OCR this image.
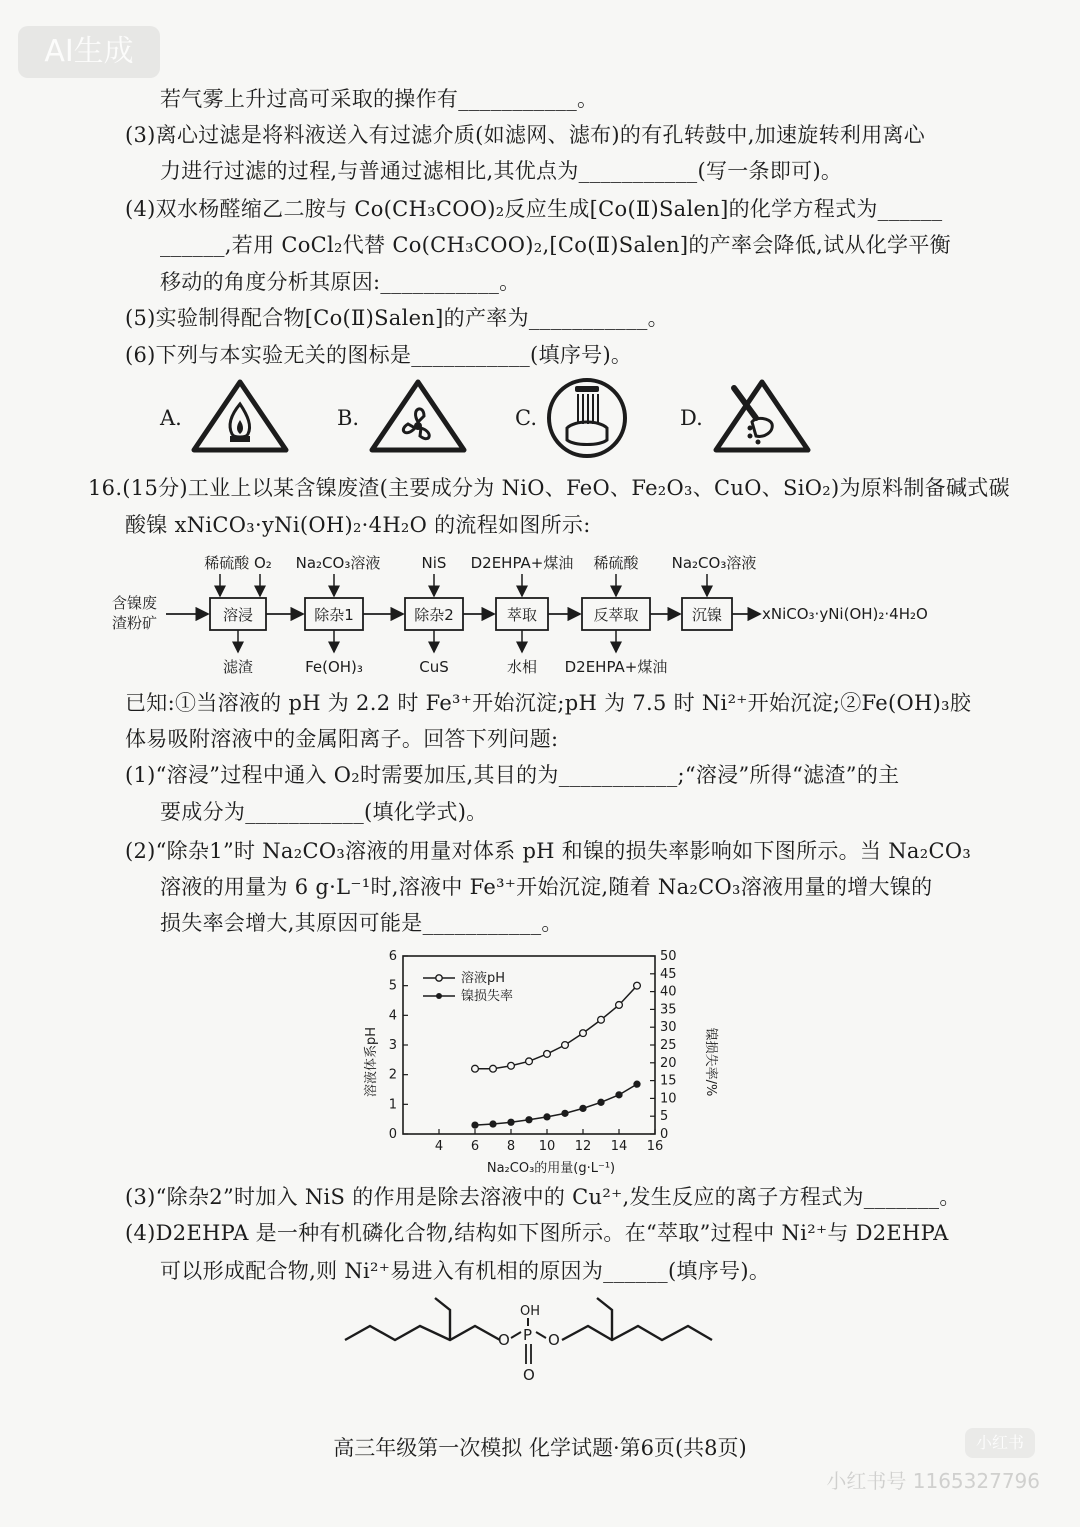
AI生成
若气雾上升过高可采取的操作有___________。
(3)离心过滤是将料液送入有过滤介质(如滤网、滤布)的有孔转鼓中,加速旋转利用离心
力进行过滤的过程,与普通过滤相比,其优点为___________(写一条即可)。
(4)双水杨醛缩乙二胺与 Co(CH₃COO)₂反应生成[Co(Ⅱ)Salen]的化学方程式为______
______,若用 CoCl₂代替 Co(CH₃COO)₂,[Co(Ⅱ)Salen]的产率会降低,试从化学平衡
移动的角度分析其原因:___________。
(5)实验制得配合物[Co(Ⅱ)Salen]的产率为___________。
(6)下列与本实验无关的图标是___________(填序号)。
A.	B.	C.	D.
16.(15分)工业上以某含镍废渣(主要成分为 NiO、FeO、Fe₂O₃、CuO、SiO₂)为原料制备碱式碳
酸镍 xNiCO₃·yNi(OH)₂·4H₂O 的流程如图所示:
含镍废
渣粉矿	溶浸	除杂1	除杂2	萃取	反萃取	沉镍	xNiCO₃·yNi(OH)₂·4H₂O
稀硫酸 O₂ Na₂CO₃溶液	NiS D2EHPA+煤油 稀硫酸 Na₂CO₃溶液
滤渣	Fe(OH)₃	CuS	水相 D2EHPA+煤油
已知:①当溶液的 pH 为 2.2 时 Fe³⁺开始沉淀;pH 为 7.5 时 Ni²⁺开始沉淀;②Fe(OH)₃胶
体易吸附溶液中的金属阳离子。回答下列问题:
(1)“溶浸”过程中通入 O₂时需要加压,其目的为___________;“溶浸”所得“滤渣”的主
要成分为___________(填化学式)。
(2)“除杂1”时 Na₂CO₃溶液的用量对体系 pH 和镍的损失率影响如下图所示。当 Na₂CO₃
溶液的用量为 6 g·L⁻¹时,溶液中 Fe³⁺开始沉淀,随着 Na₂CO₃溶液用量的增大镍的
损失率会增大,其原因可能是___________。
4 6 8 10 12 14 16
0
1
2
3
4
5
6
0
5
10
15
20
25
30
35
40
45
50
溶液pH
镍损失率
溶液体系pH	镍损失率/%
Na₂CO₃的用量(g·L⁻¹)
(3)“除杂2”时加入 NiS 的作用是除去溶液中的 Cu²⁺,发生反应的离子方程式为_______。
(4)D2EHPA 是一种有机磷化合物,结构如下图所示。在“萃取”过程中 Ni²⁺与 D2EHPA
可以形成配合物,则 Ni²⁺易进入有机相的原因为______(填序号)。
O P
OH
O
O
高三年级第一次模拟 化学试题·第6页(共8页)	小红书
小红书号 1165327796
